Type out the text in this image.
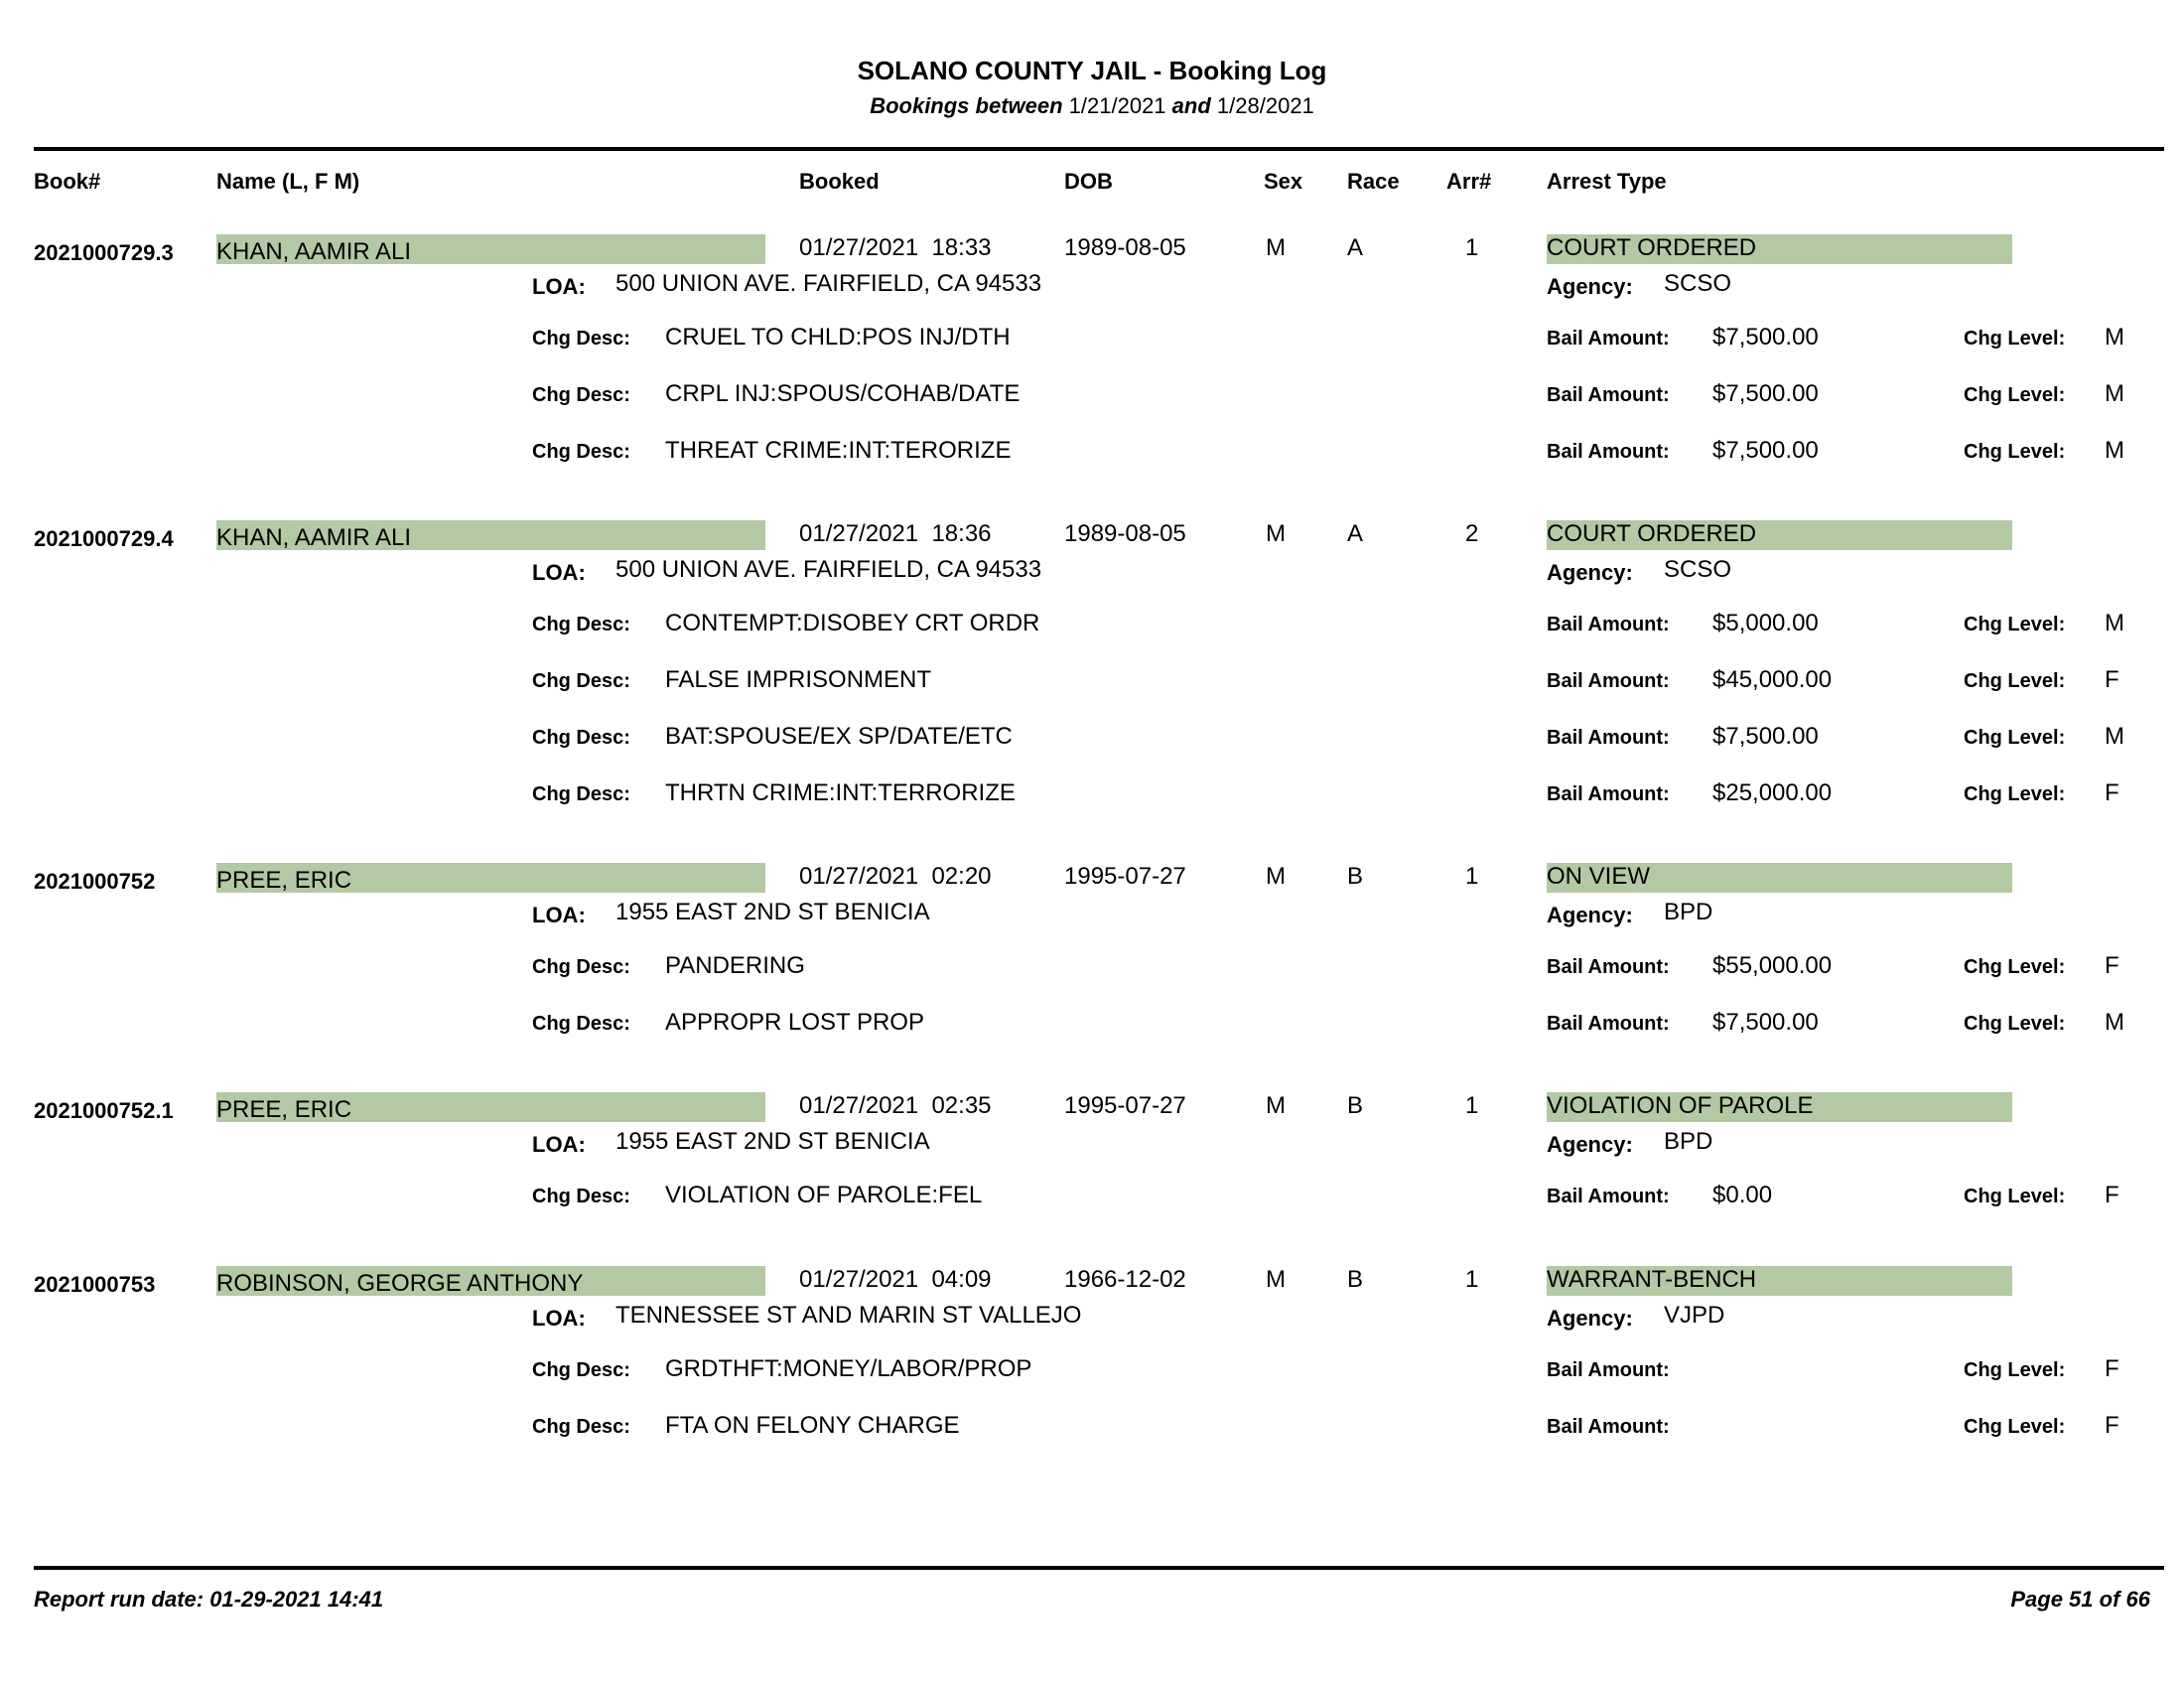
SOLANO COUNTY JAIL - Booking Log
Bookings between 1/21/2021 and 1/28/2021
Book#	Name (L, F M)	Booked	DOB	Sex Race Arr#	Arrest Type
2021000729.3 KHAN, AAMIR ALI	01/27/2021  18:33	1989-08-05	M	A	1	COURT ORDERED
LOA: 500 UNION AVE. FAIRFIELD, CA 94533	Agency: SCSO
Chg Desc: CRUEL TO CHLD:POS INJ/DTH	Bail Amount: $7,500.00	Chg Level: M
Chg Desc: CRPL INJ:SPOUS/COHAB/DATE	Bail Amount: $7,500.00	Chg Level: M
Chg Desc: THREAT CRIME:INT:TERORIZE	Bail Amount: $7,500.00	Chg Level: M
2021000729.4 KHAN, AAMIR ALI	01/27/2021  18:36	1989-08-05	M	A	2	COURT ORDERED
LOA: 500 UNION AVE. FAIRFIELD, CA 94533	Agency: SCSO
Chg Desc: CONTEMPT:DISOBEY CRT ORDR	Bail Amount: $5,000.00	Chg Level: M
Chg Desc: FALSE IMPRISONMENT	Bail Amount: $45,000.00	Chg Level: F
Chg Desc: BAT:SPOUSE/EX SP/DATE/ETC	Bail Amount: $7,500.00	Chg Level: M
Chg Desc: THRTN CRIME:INT:TERRORIZE	Bail Amount: $25,000.00	Chg Level: F
2021000752	PREE, ERIC	01/27/2021  02:20	1995-07-27	M	B	1	ON VIEW
LOA: 1955 EAST 2ND ST BENICIA	Agency: BPD
Chg Desc: PANDERING	Bail Amount: $55,000.00	Chg Level: F
Chg Desc: APPROPR LOST PROP	Bail Amount: $7,500.00	Chg Level: M
2021000752.1 PREE, ERIC	01/27/2021  02:35	1995-07-27	M	B	1	VIOLATION OF PAROLE
LOA: 1955 EAST 2ND ST BENICIA	Agency: BPD
Chg Desc: VIOLATION OF PAROLE:FEL	Bail Amount: $0.00	Chg Level: F
2021000753	ROBINSON, GEORGE ANTHONY	01/27/2021  04:09	1966-12-02	M	B	1	WARRANT-BENCH
LOA: TENNESSEE ST AND MARIN ST VALLEJO	Agency: VJPD
Chg Desc: GRDTHFT:MONEY/LABOR/PROP	Bail Amount:	Chg Level: F
Chg Desc: FTA ON FELONY CHARGE	Bail Amount:	Chg Level: F
Report run date: 01-29-2021 14:41	Page 51 of 66
